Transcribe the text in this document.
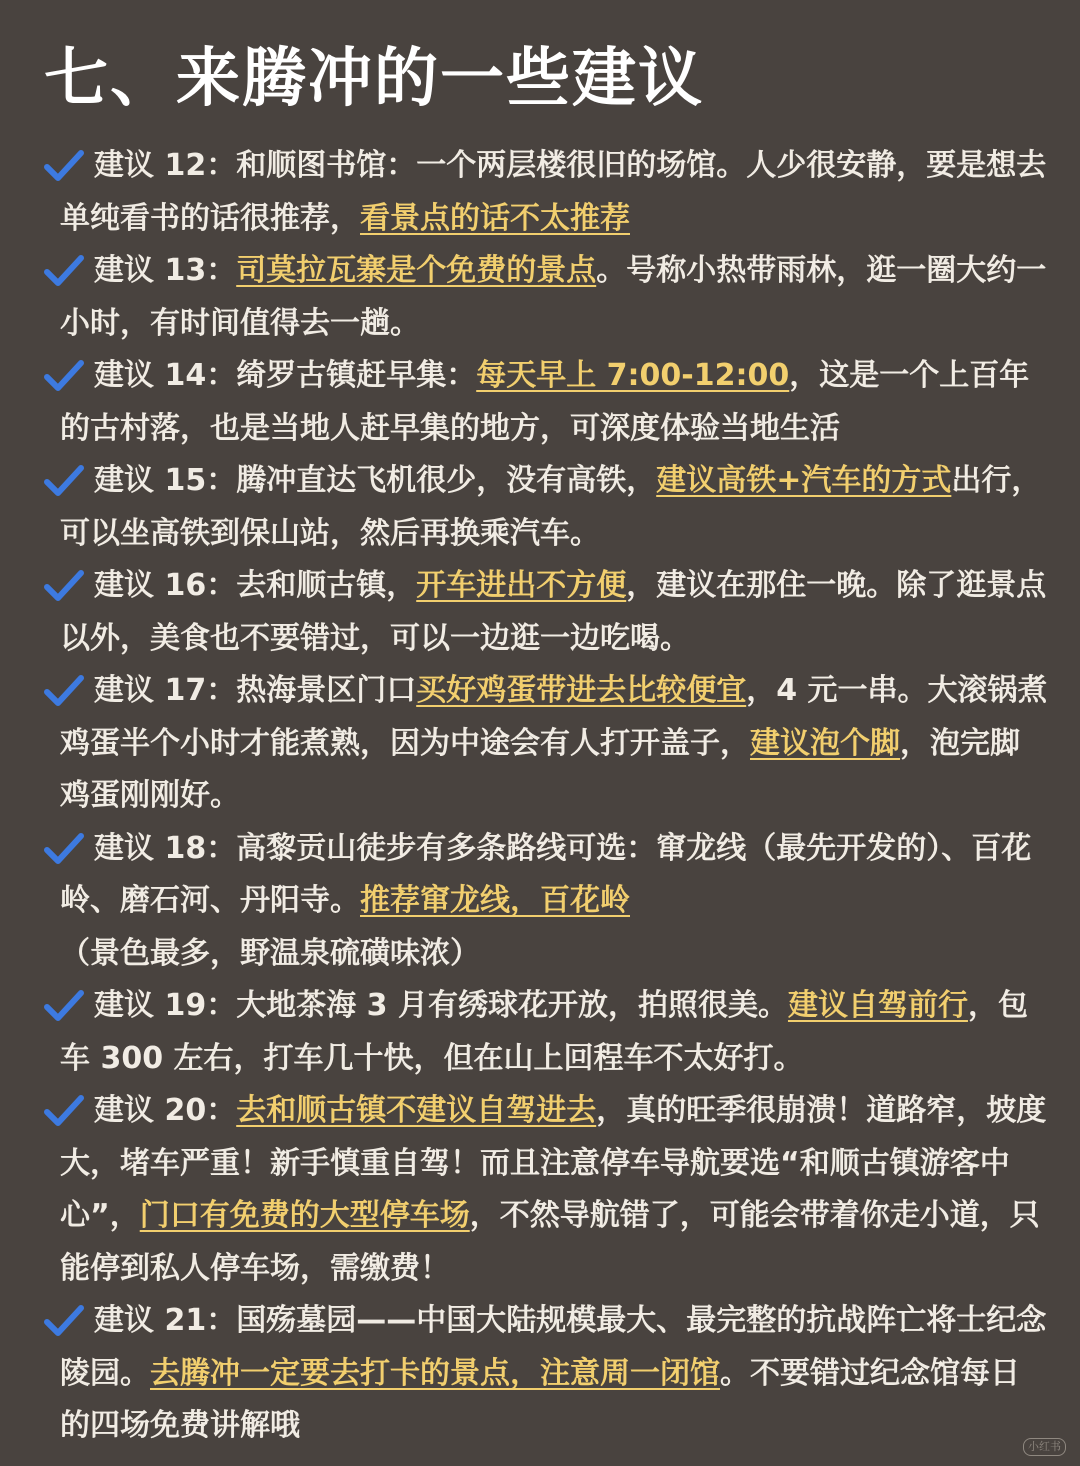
七、来腾冲的一些建议
建议 12：和顺图书馆：一个两层楼很旧的场馆。人少很安静，要是想去单纯看书的话很推荐，看景点的话不太推荐
建议 13：司莫拉瓦寨是个免费的景点。号称小热带雨林，逛一圈大约一小时，有时间值得去一趟。
建议 14：绮罗古镇赶早集：每天早上 7:00-12:00，这是一个上百年的古村落，也是当地人赶早集的地方，可深度体验当地生活
建议 15：腾冲直达飞机很少，没有高铁，建议高铁+汽车的方式出行，可以坐高铁到保山站，然后再换乘汽车。
建议 16：去和顺古镇，开车进出不方便，建议在那住一晚。除了逛景点以外，美食也不要错过，可以一边逛一边吃喝。
建议 17：热海景区门口买好鸡蛋带进去比较便宜，4 元一串。大滚锅煮鸡蛋半个小时才能煮熟，因为中途会有人打开盖子，建议泡个脚，泡完脚鸡蛋刚刚好。
建议 18：高黎贡山徒步有多条路线可选：窜龙线（最先开发的）、百花岭、磨石河、丹阳寺。推荐窜龙线，百花岭（景色最多，野温泉硫磺味浓）
建议 19：大地茶海 3 月有绣球花开放，拍照很美。建议自驾前行，包车 300 左右，打车几十快，但在山上回程车不太好打。
建议 20：去和顺古镇不建议自驾进去，真的旺季很崩溃！道路窄，坡度大，堵车严重！新手慎重自驾！而且注意停车导航要选“和顺古镇游客中心”，门口有免费的大型停车场，不然导航错了，可能会带着你走小道，只能停到私人停车场，需缴费！
建议 21：国殇墓园——中国大陆规模最大、最完整的抗战阵亡将士纪念陵园。去腾冲一定要去打卡的景点，注意周一闭馆。不要错过纪念馆每日的四场免费讲解哦
小红书
